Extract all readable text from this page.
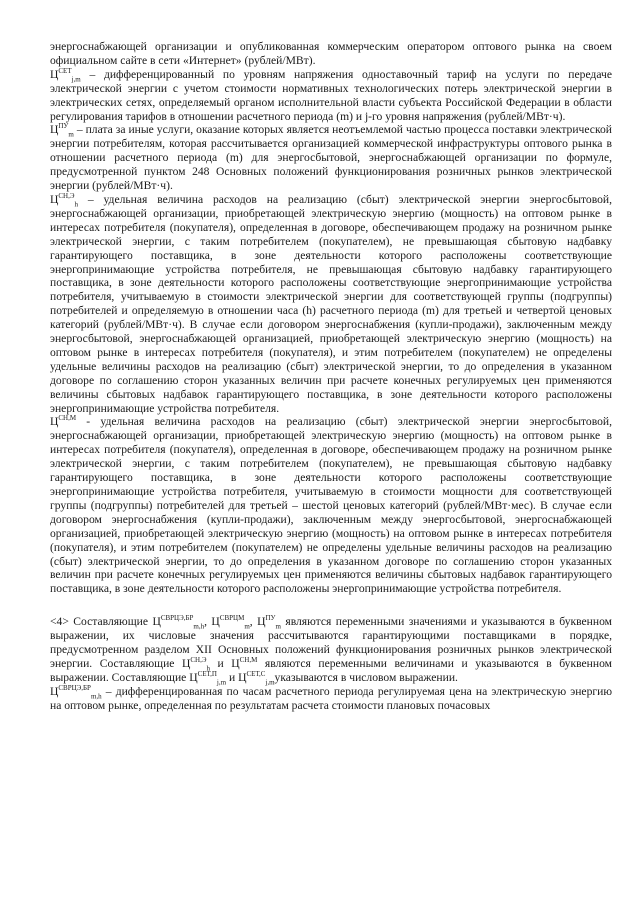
энергоснабжающей организации и опубликованная коммерческим оператором оптового рынка на своем официальном сайте в сети «Интернет» (рублей/МВт).

$Ц^{СЕТ}_{j,m}$ – дифференцированный по уровням напряжения одноставочный тариф на услуги по передаче электрической энергии с учетом стоимости нормативных технологических потерь электрической энергии в электрических сетях, определяемый органом исполнительной власти субъекта Российской Федерации в области регулирования тарифов в отношении расчетного периода (m) и j-го уровня напряжения (рублей/МВт·ч).

$Ц^{ПУ}_m$ – плата за иные услуги, оказание которых является неотъемлемой частью процесса поставки электрической энергии потребителям, которая рассчитывается организацией коммерческой инфраструктуры оптового рынка в отношении расчетного периода (m) для энергосбытовой, энергоснабжающей организации по формуле, предусмотренной пунктом 248 Основных положений функционирования розничных рынков электрической энергии (рублей/МВт·ч).

$Ц^{СН,Э}_h$ – удельная величина расходов на реализацию (сбыт) электрической энергии энергосбытовой, энергоснабжающей организации, приобретающей электрическую энергию (мощность) на оптовом рынке в интересах потребителя (покупателя), определенная в договоре, обеспечивающем продажу на розничном рынке электрической энергии, с таким потребителем (покупателем), не превышающая сбытовую надбавку гарантирующего поставщика, в зоне деятельности которого расположены соответствующие энергопринимающие устройства потребителя, не превышающая сбытовую надбавку гарантирующего поставщика, в зоне деятельности которого расположены соответствующие энергопринимающие устройства потребителя, учитываемую в стоимости электрической энергии для соответствующей группы (подгруппы) потребителей и определяемую в отношении часа (h) расчетного периода (m) для третьей и четвертой ценовых категорий (рублей/МВт·ч). В случае если договором энергоснабжения (купли-продажи), заключенным между энергосбытовой, энергоснабжающей организацией, приобретающей электрическую энергию (мощность) на оптовом рынке в интересах потребителя (покупателя), и этим потребителем (покупателем) не определены удельные величины расходов на реализацию (сбыт) электрической энергии, то до определения в указанном договоре по соглашению сторон указанных величин при расчете конечных регулируемых цен применяются величины сбытовых надбавок гарантирующего поставщика, в зоне деятельности которого расположены энергопринимающие устройства потребителя.

$Ц^{СН,М}$ - удельная величина расходов на реализацию (сбыт) электрической энергии энергосбытовой, энергоснабжающей организации, приобретающей электрическую энергию (мощность) на оптовом рынке в интересах потребителя (покупателя), определенная в договоре, обеспечивающем продажу на розничном рынке электрической энергии, с таким потребителем (покупателем), не превышающая сбытовую надбавку гарантирующего поставщика, в зоне деятельности которого расположены соответствующие энергопринимающие устройства потребителя, учитываемую в стоимости мощности для соответствующей группы (подгруппы) потребителей для третьей – шестой ценовых категорий (рублей/МВт·мес). В случае если договором энергоснабжения (купли-продажи), заключенным между энергосбытовой, энергоснабжающей организацией, приобретающей электрическую энергию (мощность) на оптовом рынке в интересах потребителя (покупателя), и этим потребителем (покупателем) не определены удельные величины расходов на реализацию (сбыт) электрической энергии, то до определения в указанном договоре по соглашению сторон указанных величин при расчете конечных регулируемых цен применяются величины сбытовых надбавок гарантирующего поставщика, в зоне деятельности которого расположены энергопринимающие устройства потребителя.

<4> Составляющие $Ц^{СВРЦЭ,БР}_{m,h}$, $Ц^{СВРЦМ}_m$, $Ц^{ПУ}_m$ являются переменными значениями и указываются в буквенном выражении, их числовые значения рассчитываются гарантирующими поставщиками в порядке, предусмотренном разделом XII Основных положений функционирования розничных рынков электрической энергии. Составляющие $Ц^{СН,Э}_h$ и $Ц^{СН,М}$ являются переменными величинами и указываются в буквенном выражении. Составляющие $Ц^{СЕТ,П}_{j,m}$ и $Ц^{СЕТ,С}_{j,m}указываются$ в числовом выражении.

$Ц^{СВРЦЭ,БР}_{m,h}$ – дифференцированная по часам расчетного периода регулируемая цена на электрическую энергию на оптовом рынке, определенная по результатам расчета стоимости плановых почасовых
